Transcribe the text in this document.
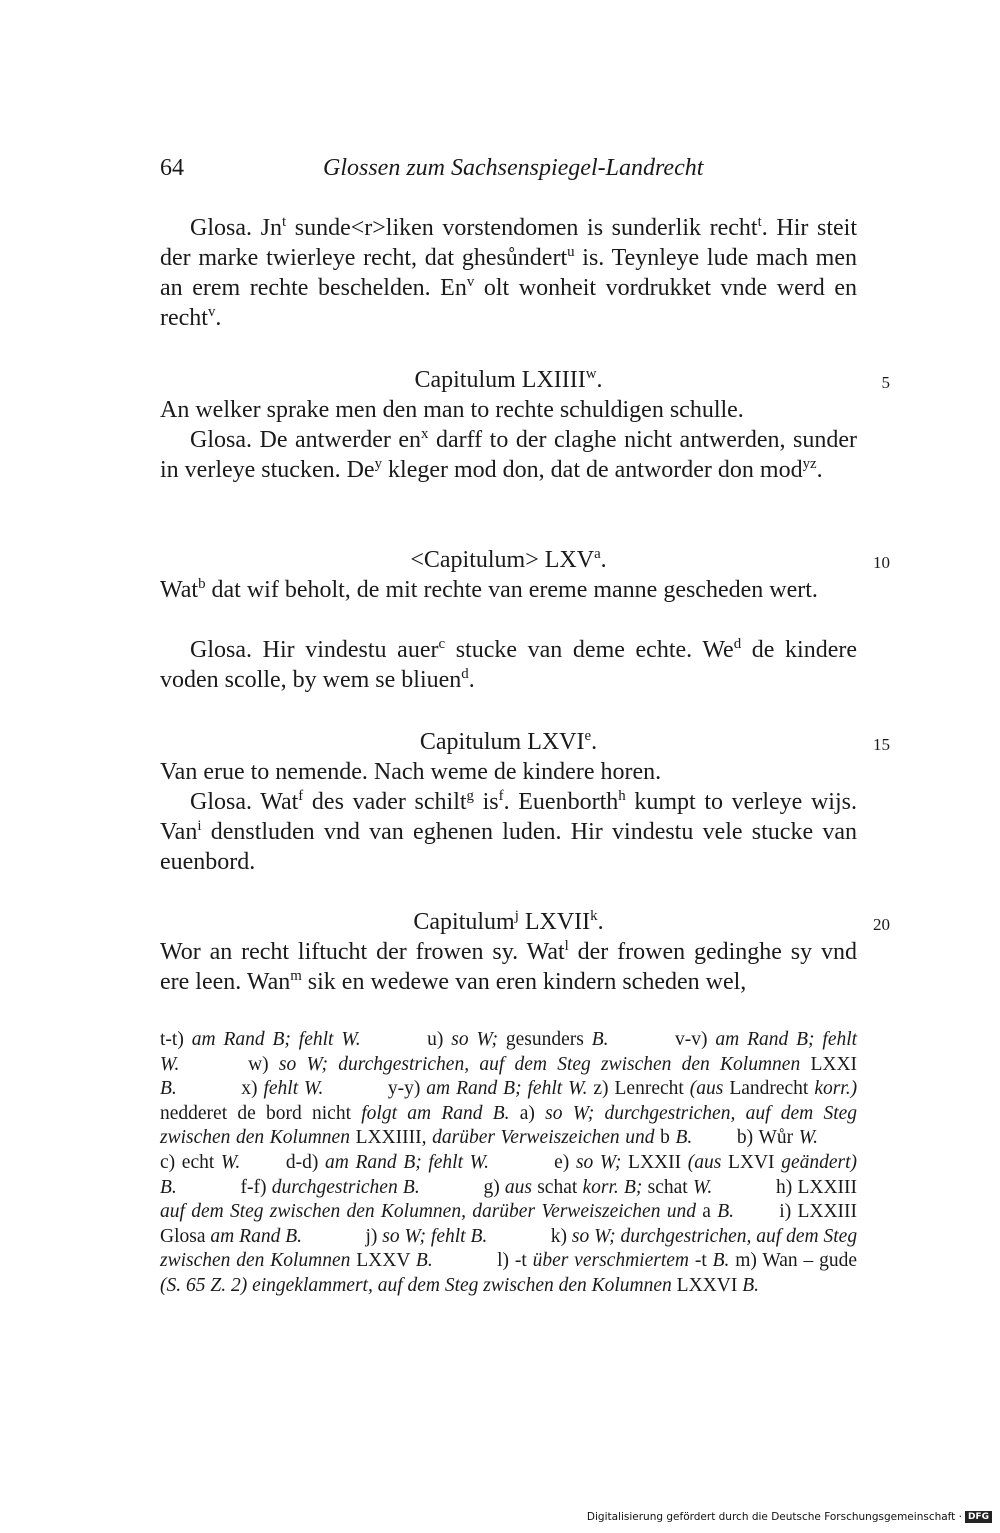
64	Glossen zum Sachsenspiegel-Landrecht
Glosa. Jn$^t$ sunde<r>liken vorstendomen is sunderlik recht$^t$. Hir steit der marke twierleye recht, dat ghesůndert$^u$ is. Teynleye lude mach men an erem rechte beschelden. En$^v$ olt wonheit vordrukket vnde werd en recht$^v$.
Capitulum LXIIII$^w$.	5
An welker sprake men den man to rechte schuldigen schulle.
Glosa. De antwerder $en^x$ darff to der claghe nicht antwerden, sunder in verleye stucken. De$^y$ kleger mod don, dat de antworder don mod$^{yz}$.
<Capitulum> $LXV^a$.	10
Wat$^b$ dat wif beholt, de mit rechte van ereme manne gescheden wert.
Glosa. Hir vindestu auer$^c$ stucke van deme echte. We$^d$ de kindere voden scolle, by wem se bliuen$^d$.
Capitulum LXVIe.	15
Van erue to nemende. Nach weme de kindere horen.
Glosa. Wat$^f$ des vader schilt$^g$ $is^f$. Euenborth$^h$ kumpt to verleye wijs. Van$^i$ denstluden vnd van eghenen luden. Hir vindestu vele stucke van euenbord.
Capitulum$^j$ LXVII$^k$.	20
Wor an recht liftucht der frowen sy. Wat$^l$ der frowen gedinghe sy vnd ere leen. Wan$^m$ sik en wedewe van eren kindern scheden wel,
t-t) am Rand B; fehlt W.   	u) so W; gesunders B.   	v-v) am Rand B; fehlt W.   	w) so W; durchgestrichen, auf dem Steg zwischen den Kolumnen LXXI B.   	x) fehlt W.   	y-y) am Rand B; fehlt W. z) Lenrecht (aus Landrecht korr.) nedderet de bord nicht folgt am Rand B. a) so W; durchgestrichen, auf dem Steg zwischen den Kolumnen LXXIIII, darüber Verweiszeichen und b B.   b) Wůr W.   c) echt W.   d-d) am Rand B; fehlt W.   	e) so W; LXXII (aus LXVI geändert) B.   	f-f) durchgestrichen B.   	g) aus schat korr. B; schat W.   	h) LXXIII auf dem Steg zwischen den Kolumnen, darüber Verweiszeichen und a B.   i) LXXIII Glosa am Rand B.   	j) so W; fehlt B.   	k) so W; durchgestrichen, auf dem Steg zwischen den Kolumnen LXXV B.   	l) -t über verschmiertem -t B. m) Wan – gude (S. 65 Z. 2) eingeklammert, auf dem Steg zwischen den Kolumnen LXXVI B.
Digitalisierung gefördert durch die Deutsche Forschungsgemeinschaft · DFG
